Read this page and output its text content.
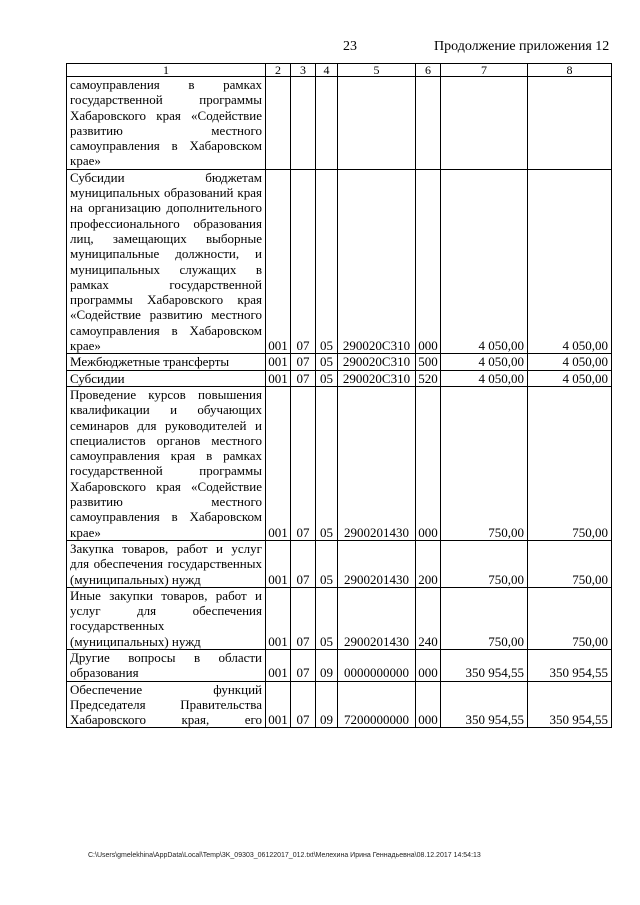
23	Продолжение приложения 12
1	2	3	4	5	6	7	8
самоуправления в рамках государственной программы Хабаровского края «Содействие развитию местного самоуправления в Хабаровском крае»							
Субсидии бюджетам муниципальных образований края на организацию дополнительного профессионального образования лиц, замещающих выборные муниципальные должности, и муниципальных служащих в рамках государственной программы Хабаровского края «Содействие развитию местного самоуправления в Хабаровском крае»	001	07	05	290020С310	000	4 050,00	4 050,00
Межбюджетные трансферты	001	07	05	290020С310	500	4 050,00	4 050,00
Субсидии	001	07	05	290020С310	520	4 050,00	4 050,00
Проведение курсов повышения квалификации и обучающих семинаров для руководителей и специалистов органов местного самоуправления края в рамках государственной программы Хабаровского края «Содействие развитию местного самоуправления в Хабаровском крае»	001	07	05	2900201430	000	750,00	750,00
Закупка товаров, работ и услуг для обеспечения государственных (муниципальных) нужд	001	07	05	2900201430	200	750,00	750,00
Иные закупки товаров, работ и услуг для обеспечения государственных (муниципальных) нужд	001	07	05	2900201430	240	750,00	750,00
Другие вопросы в области образования	001	07	09	0000000000	000	350 954,55	350 954,55
Обеспечение функций Председателя Правительства Хабаровского края, его	001	07	09	7200000000	000	350 954,55	350 954,55
C:\Users\gmelekhina\AppData\Local\Temp\3K_09303_06122017_012.txt\Мелехина Ирина Геннадьевна\08.12.2017 14:54:13
